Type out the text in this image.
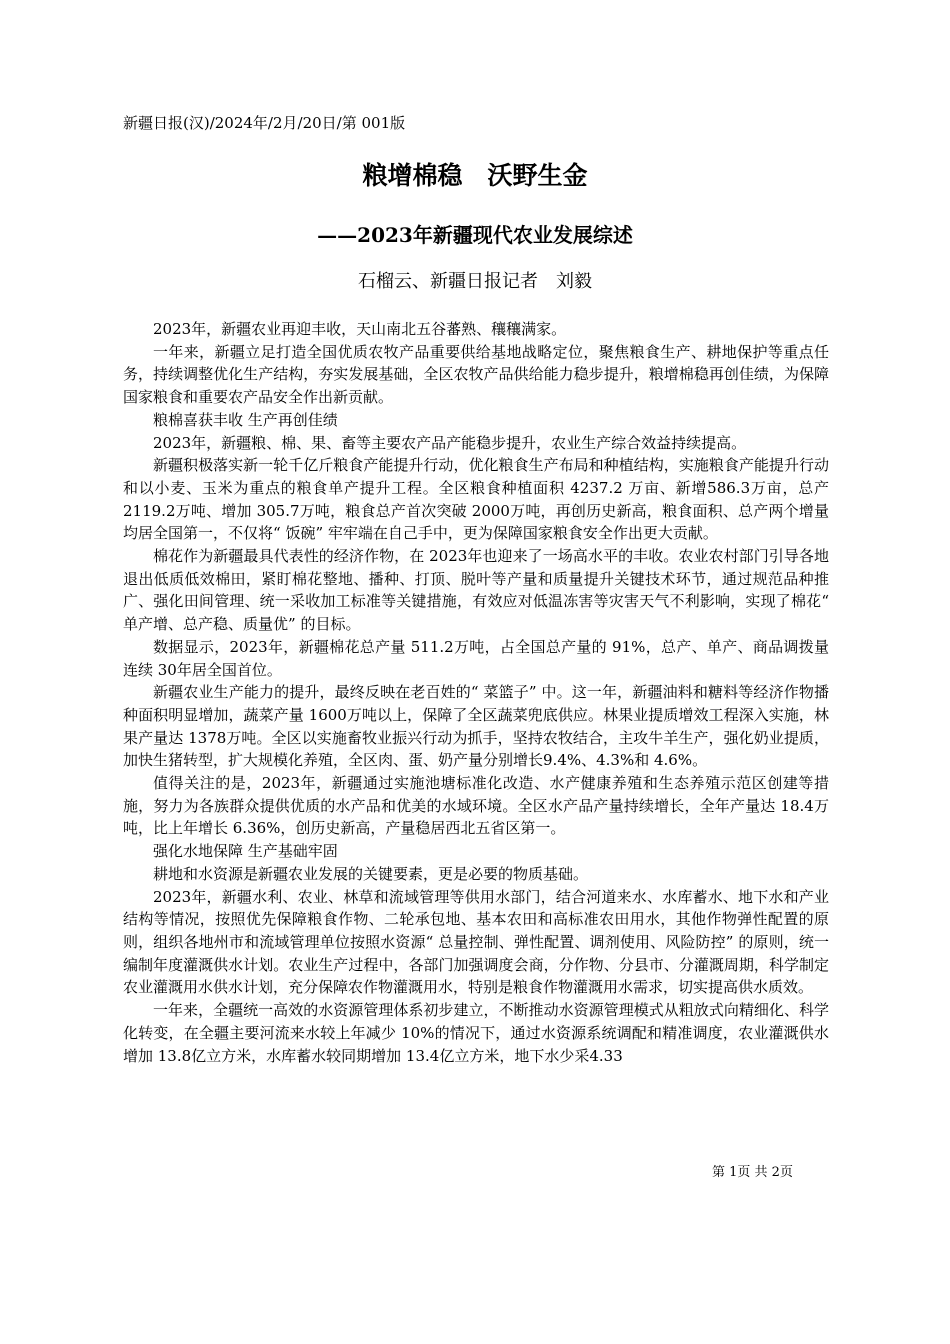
新疆日报(汉)/2024年/2月/20日/第 001版
粮增棉稳　沃野生金
——2023年新疆现代农业发展综述
石榴云、新疆日报记者　刘毅

2023年，新疆农业再迎丰收，天山南北五谷蕃熟、穰穰满家。

一年来，新疆立足打造全国优质农牧产品重要供给基地战略定位，聚焦粮食生产、耕地保护等重点任务，持续调整优化生产结构，夯实发展基础，全区农牧产品供给能力稳步提升，粮增棉稳再创佳绩，为保障国家粮食和重要农产品安全作出新贡献。

粮棉喜获丰收 生产再创佳绩

2023年，新疆粮、棉、果、畜等主要农产品产能稳步提升，农业生产综合效益持续提高。

新疆积极落实新一轮千亿斤粮食产能提升行动，优化粮食生产布局和种植结构，实施粮食产能提升行动和以小麦、玉米为重点的粮食单产提升工程。全区粮食种植面积 4237.2 万亩、新增586.3万亩，总产 2119.2万吨、增加 305.7万吨，粮食总产首次突破 2000万吨，再创历史新高，粮食面积、总产两个增量均居全国第一，不仅将“ 饭碗” 牢牢端在自己手中，更为保障国家粮食安全作出更大贡献。

棉花作为新疆最具代表性的经济作物，在 2023年也迎来了一场高水平的丰收。农业农村部门引导各地退出低质低效棉田，紧盯棉花整地、播种、打顶、脱叶等产量和质量提升关键技术环节，通过规范品种推广、强化田间管理、统一采收加工标准等关键措施，有效应对低温冻害等灾害天气不利影响，实现了棉花“ 单产增、总产稳、质量优” 的目标。

数据显示，2023年，新疆棉花总产量 511.2万吨，占全国总产量的 91%，总产、单产、商品调拨量连续 30年居全国首位。

新疆农业生产能力的提升，最终反映在老百姓的“ 菜篮子” 中。这一年，新疆油料和糖料等经济作物播种面积明显增加，蔬菜产量 1600万吨以上，保障了全区蔬菜兜底供应。林果业提质增效工程深入实施，林果产量达 1378万吨。全区以实施畜牧业振兴行动为抓手，坚持农牧结合，主攻牛羊生产，强化奶业提质，加快生猪转型，扩大规模化养殖，全区肉、蛋、奶产量分别增长9.4%、4.3%和 4.6%。

值得关注的是，2023年，新疆通过实施池塘标准化改造、水产健康养殖和生态养殖示范区创建等措施，努力为各族群众提供优质的水产品和优美的水域环境。全区水产品产量持续增长，全年产量达 18.4万吨，比上年增长 6.36%，创历史新高，产量稳居西北五省区第一。

强化水地保障 生产基础牢固

耕地和水资源是新疆农业发展的关键要素，更是必要的物质基础。

2023年，新疆水利、农业、林草和流域管理等供用水部门，结合河道来水、水库蓄水、地下水和产业结构等情况，按照优先保障粮食作物、二轮承包地、基本农田和高标准农田用水，其他作物弹性配置的原则，组织各地州市和流域管理单位按照水资源“ 总量控制、弹性配置、调剂使用、风险防控” 的原则，统一编制年度灌溉供水计划。农业生产过程中，各部门加强调度会商，分作物、分县市、分灌溉周期，科学制定农业灌溉用水供水计划，充分保障农作物灌溉用水，特别是粮食作物灌溉用水需求，切实提高供水质效。

一年来，全疆统一高效的水资源管理体系初步建立，不断推动水资源管理模式从粗放式向精细化、科学化转变，在全疆主要河流来水较上年减少 10%的情况下，通过水资源系统调配和精准调度，农业灌溉供水增加 13.8亿立方米，水库蓄水较同期增加 13.4亿立方米，地下水少采4.33

第 1页 共 2页
